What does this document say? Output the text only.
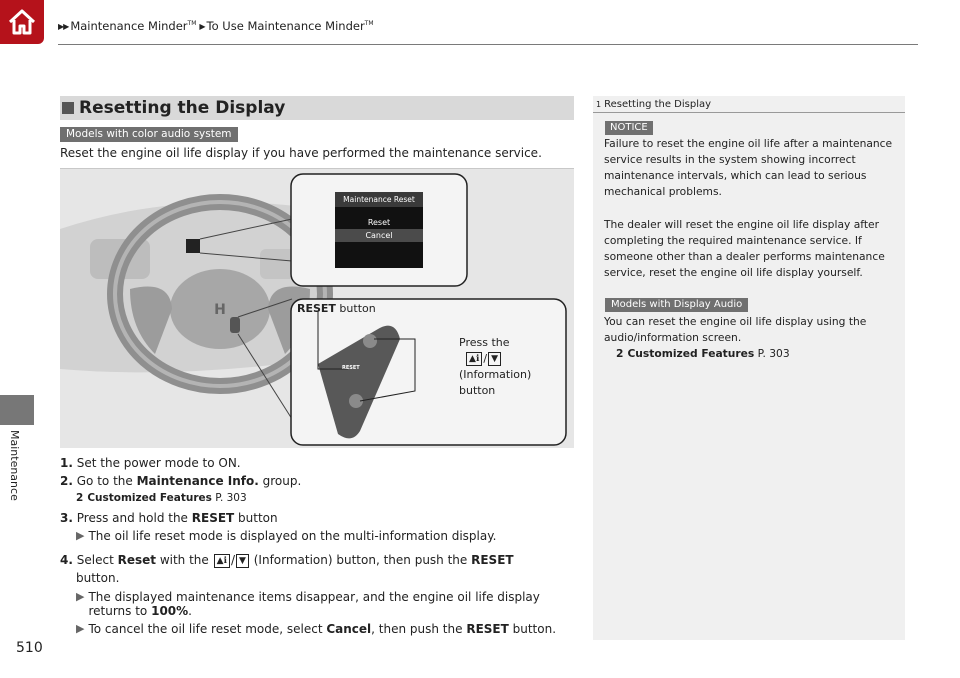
▶▶ Maintenance Minder™ ▶ To Use Maintenance Minder™
Maintenance
510
Resetting the Display
Models with color audio system
Reset the engine oil life display if you have performed the maintenance service.
H
Maintenance Reset
Reset
Cancel
RESET
RESET button
Press the
▲ℹ / ▼
(Information)
button
1. Set the power mode to ON.
2. Go to the Maintenance Info. group.
2 Customized Features P. 303
3. Press and hold the RESET button
▶ The oil life reset mode is displayed on the multi-information display.
4. Select Reset with the ▲ℹ / ▼ (Information) button, then push the RESET
button.
▶ The displayed maintenance items disappear, and the engine oil life display
returns to 100%.
▶ To cancel the oil life reset mode, select Cancel, then push the RESET button.
1 Resetting the Display
NOTICE
Failure to reset the engine oil life after a maintenance
service results in the system showing incorrect
maintenance intervals, which can lead to serious
mechanical problems.
The dealer will reset the engine oil life display after
completing the required maintenance service. If
someone other than a dealer performs maintenance
service, reset the engine oil life display yourself.
Models with Display Audio
You can reset the engine oil life display using the
audio/information screen.
2 Customized Features P. 303
